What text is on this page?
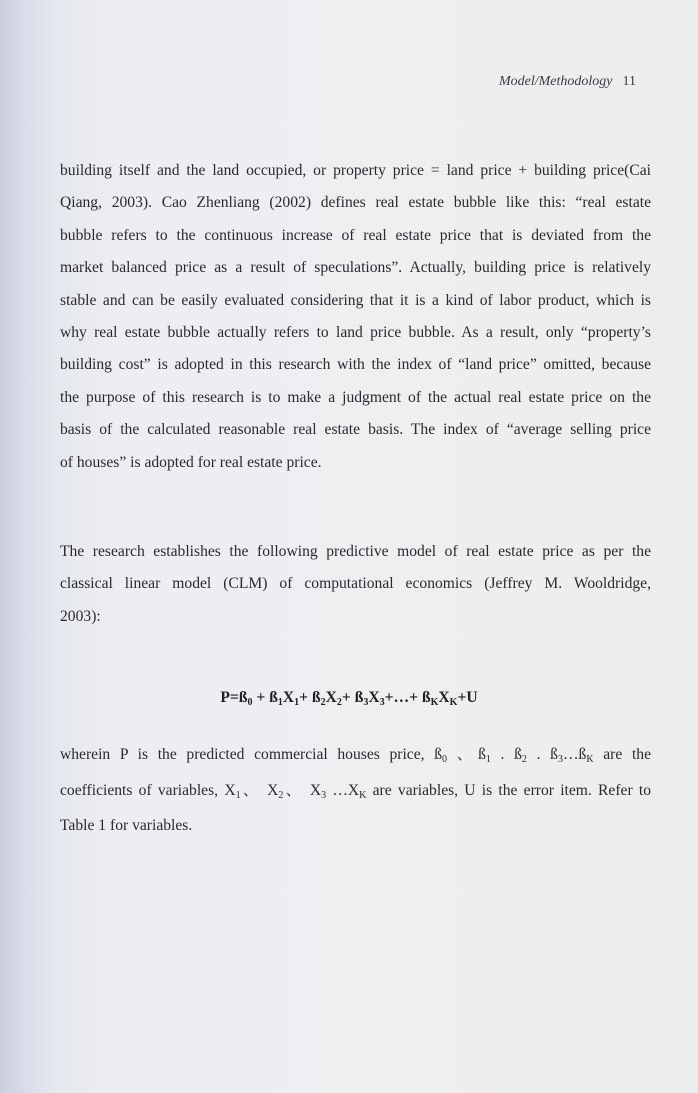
Model/Methodology 11
building itself and the land occupied, or property price = land price + building price(Cai
Qiang, 2003). Cao Zhenliang (2002) defines real estate bubble like this: “real estate
bubble refers to the continuous increase of real estate price that is deviated from the
market balanced price as a result of speculations”. Actually, building price is relatively
stable and can be easily evaluated considering that it is a kind of labor product, which is
why real estate bubble actually refers to land price bubble. As a result, only “property’s
building cost” is adopted in this research with the index of “land price” omitted, because
the purpose of this research is to make a judgment of the actual real estate price on the
basis of the calculated reasonable real estate basis. The index of “average selling price
of houses” is adopted for real estate price.
The research establishes the following predictive model of real estate price as per the
classical linear model (CLM) of computational economics (Jeffrey M. Wooldridge,
2003):
$P=ß_0$ + $ß_1X_1+$ $ß_2X_2+$ $ß_3X_3+\dots+$ $ß_KX_K+U$
wherein P is the predicted commercial houses price, $ß_0$ 、$ß_1$ . $ß_2$ . $ß_3\dots ß_K$ are the
coefficients of variables, $X_1$、 $X_2$、 $X_3$ $\dots X_K$ are variables, U is the error item. Refer to
Table 1 for variables.
